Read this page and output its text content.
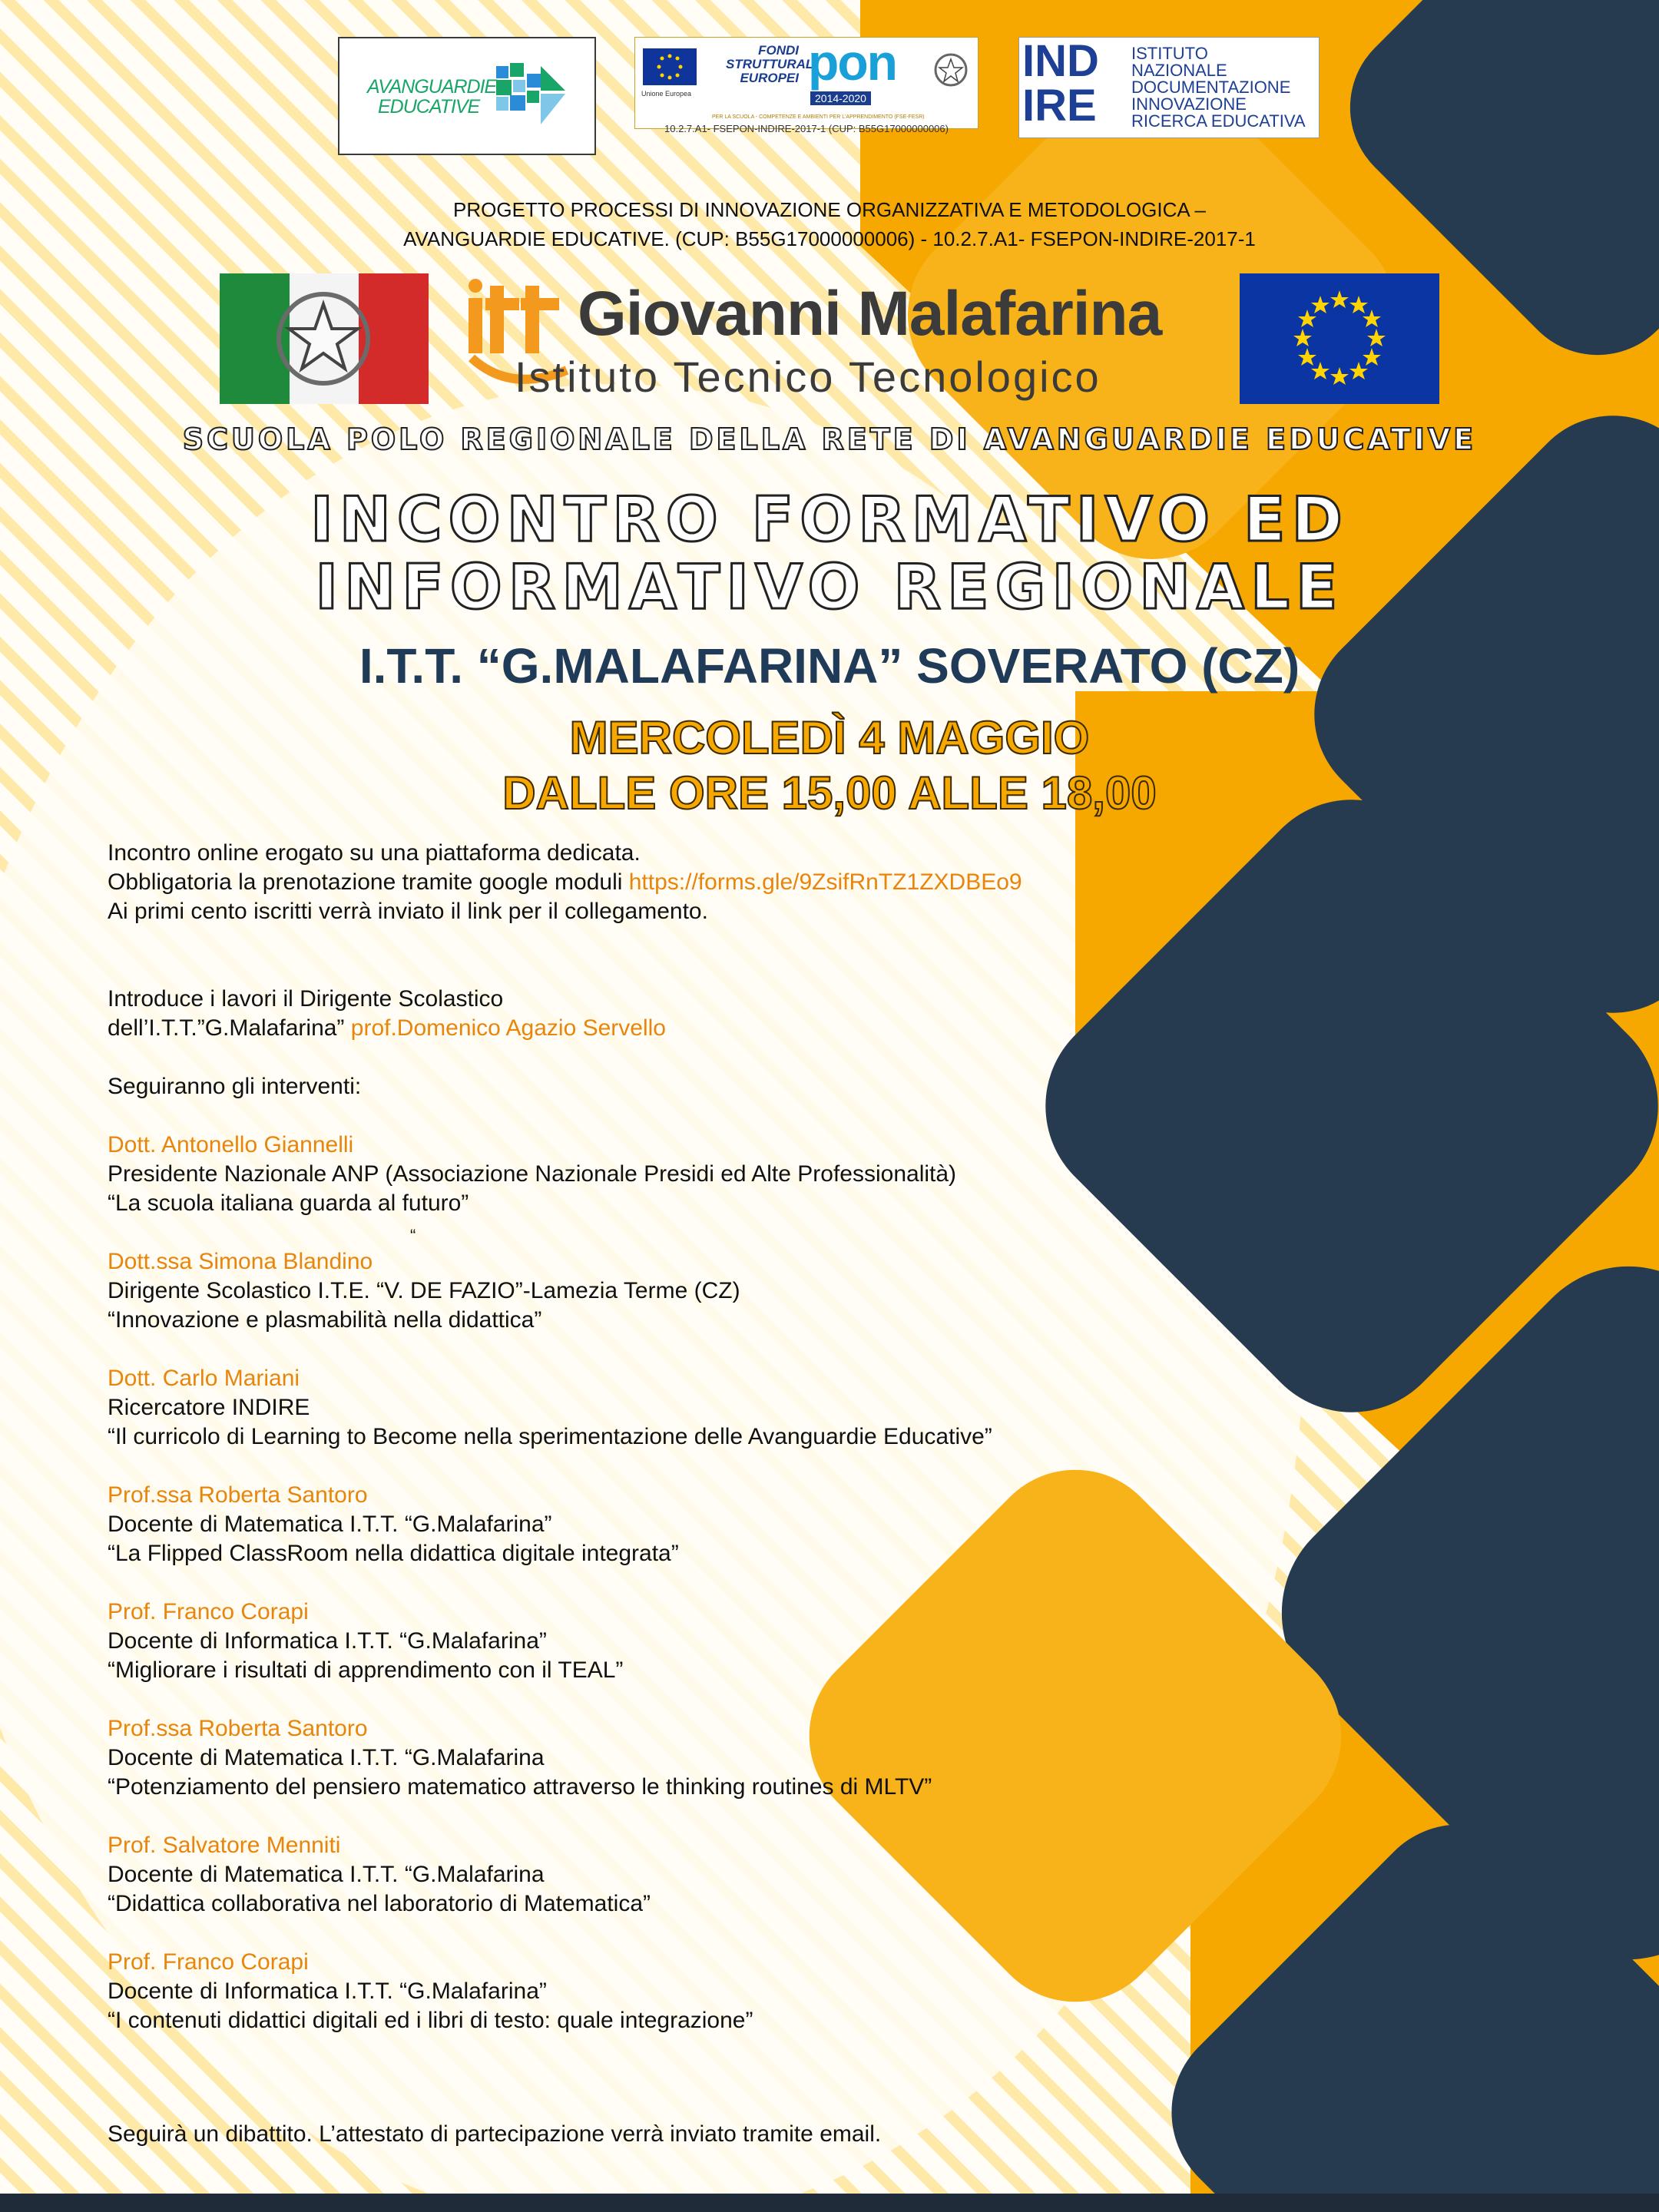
AVANGUARDIE
EDUCATIVE
Unione Europea
FONDI
STRUTTURALI
EUROPEI pon
2014-2020
PER LA SCUOLA - COMPETENZE E AMBIENTI PER L'APPRENDIMENTO (FSE-FESR)
10.2.7.A1- FSEPON-INDIRE-2017-1 (CUP: B55G17000000006)
IND
IRE
ISTITUTO
NAZIONALE
DOCUMENTAZIONE
INNOVAZIONE
RICERCA EDUCATIVA
PROGETTO PROCESSI DI INNOVAZIONE ORGANIZZATIVA E METODOLOGICA –
AVANGUARDIE EDUCATIVE. (CUP: B55G17000000006) - 10.2.7.A1- FSEPON-INDIRE-2017-1
Giovanni Malafarina
Istituto Tecnico Tecnologico
SCUOLA POLO REGIONALE DELLA RETE DI AVANGUARDIE EDUCATIVE
INCONTRO FORMATIVO ED
INFORMATIVO REGIONALE
I.T.T. “G.MALAFARINA” SOVERATO (CZ)
MERCOLEDÌ 4 MAGGIO
DALLE ORE 15,00 ALLE 18,00

Incontro online erogato su una piattaforma dedicata.

Obbligatoria la prenotazione tramite google moduli https://forms.gle/9ZsifRnTZ1ZXDBEo9

Ai primi cento iscritti verrà inviato il link per il collegamento.

Introduce i lavori il Dirigente Scolastico

dell’I.T.T.”G.Malafarina” prof.Domenico Agazio Servello

Seguiranno gli interventi:

Dott. Antonello Giannelli

Presidente Nazionale ANP (Associazione Nazionale Presidi ed Alte Professionalità)

“La scuola italiana guarda al futuro”

Dott.ssa Simona Blandino

Dirigente Scolastico I.T.E. “V. DE FAZIO”-Lamezia Terme (CZ)

“Innovazione e plasmabilità nella didattica”

Dott. Carlo Mariani

Ricercatore INDIRE

“Il curricolo di Learning to Become nella sperimentazione delle Avanguardie Educative”

Prof.ssa Roberta Santoro

Docente di Matematica I.T.T. “G.Malafarina”

“La Flipped ClassRoom nella didattica digitale integrata”

Prof. Franco Corapi

Docente di Informatica I.T.T. “G.Malafarina”

“Migliorare i risultati di apprendimento con il TEAL”

Prof.ssa Roberta Santoro

Docente di Matematica I.T.T. “G.Malafarina

“Potenziamento del pensiero matematico attraverso le thinking routines di MLTV”

Prof. Salvatore Menniti

Docente di Matematica I.T.T. “G.Malafarina

“Didattica collaborativa nel laboratorio di Matematica”

Prof. Franco Corapi

Docente di Informatica I.T.T. “G.Malafarina”

“I contenuti didattici digitali ed i libri di testo: quale integrazione”

“
Seguirà un dibattito. L’attestato di partecipazione verrà inviato tramite email.
